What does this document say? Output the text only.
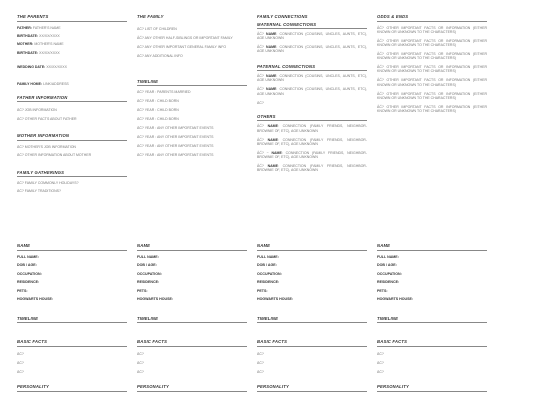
THE PARENTS
FATHER: FATHER'S NAME
BIRTHDATE: XX/XX/XXXX
MOTHER: MOTHER'S NAME
BIRTHDATE: XX/XX/XXXX
WEDDING DATE: XX/XX/XXXX
FAMILY HOME: LINK/ADDRESS
FATHER INFORMATION
ÂĆ? JOB INFORMATION
ÂĆ? OTHER FACTS ABOUT FATHER
MOTHER INFORMATION
ÂĆ? MOTHER'S JOB INFORMATION
ÂĆ? OTHER INFORMATION ABOUT MOTHER
FAMILY GATHERINGS
ÂĆ? FAMILY COMMONLY HOLIDAYS?
ÂĆ? FAMILY TRADITIONS?
THE FAMILY
ÂĆ? LIST OF CHILDREN
ÂĆ? ANY OTHER HALF-SIBLINGS OR IMPORTANT FAMILY
ÂĆ? ANY OTHER IMPORTANT GENERAL FAMILY INFO
ÂĆ? ANY ADDITIONAL INFO
TIMELINE
ÂĆ? YEAR : PARENTS MARRIED
ÂĆ? YEAR : CHILD BORN
ÂĆ? YEAR : CHILD BORN
ÂĆ? YEAR : CHILD BORN
ÂĆ? YEAR : ANY OTHER IMPORTANT EVENTS
ÂĆ? YEAR : ANY OTHER IMPORTANT EVENTS
ÂĆ? YEAR : ANY OTHER IMPORTANT EVENTS
ÂĆ? YEAR : ANY OTHER IMPORTANT EVENTS
FAMILY CONNECTIONS
MATERNAL CONNECTIONS
ÂĆ? NAME: CONNECTION (COUSINS, UNCLES, AUNTS, ETC), AGE UNKNOWN
ÂĆ? NAME: CONNECTION (COUSINS, UNCLES, AUNTS, ETC), AGE UNKNOWN
PATERNAL CONNECTIONS
ÂĆ? NAME: CONNECTION (COUSINS, UNCLES, AUNTS, ETC), AGE UNKNOWN
ÂĆ? NAME: CONNECTION (COUSINS, UNCLES, AUNTS, ETC), AGE UNKNOWN
ÂĆ?
OTHERS
ÂĆ? NAME: CONNECTION (FAMILY FRIENDS, NEIGHBOR-BROWNIE OF, ETC), AGE UNKNOWN
ÂĆ? NAME: CONNECTION (FAMILY FRIENDS, NEIGHBOR-BROWNIE OF, ETC), AGE UNKNOWN
ÂĆ? ~ NAME: CONNECTION (FAMILY FRIENDS, NEIGHBOR-BROWNIE OF, ETC), AGE UNKNOWN
ÂĆ? NAME: CONNECTION (FAMILY FRIENDS, NEIGHBOR-BROWNIE OF, ETC), AGE UNKNOWN
ODDS & ENDS
ÂĆ? OTHER IMPORTANT FACTS OR INFORMATION (EITHER KNOWN OR UNKNOWN TO THE CHARACTERS)
ÂĆ? OTHER IMPORTANT FACTS OR INFORMATION (EITHER KNOWN OR UNKNOWN TO THE CHARACTERS)
ÂĆ? OTHER IMPORTANT FACTS OR INFORMATION (EITHER KNOWN OR UNKNOWN TO THE CHARACTERS)
ÂĆ? OTHER IMPORTANT FACTS OR INFORMATION (EITHER KNOWN OR UNKNOWN TO THE CHARACTERS)
ÂĆ? OTHER IMPORTANT FACTS OR INFORMATION (EITHER KNOWN OR UNKNOWN TO THE CHARACTERS)
ÂĆ? OTHER IMPORTANT FACTS OR INFORMATION (EITHER KNOWN OR UNKNOWN TO THE CHARACTERS)
ÂĆ? OTHER IMPORTANT FACTS OR INFORMATION (EITHER KNOWN OR UNKNOWN TO THE CHARACTERS)
NAME
FULL NAME:
DOB / AGE:
OCCUPATION:
RESIDENCE:
PETS:
HOGWARTS HOUSE:
TIMELINE
BASIC FACTS
ÂĆ?
ÂĆ?
ÂĆ?
PERSONALITY
NAME
FULL NAME:
DOB / AGE:
OCCUPATION:
RESIDENCE:
PETS:
HOGWARTS HOUSE:
TIMELINE
BASIC FACTS
ÂĆ?
ÂĆ?
ÂĆ?
PERSONALITY
NAME
FULL NAME:
DOB / AGE:
OCCUPATION:
RESIDENCE:
PETS:
HOGWARTS HOUSE:
TIMELINE
BASIC FACTS
ÂĆ?
ÂĆ?
ÂĆ?
PERSONALITY
NAME
FULL NAME:
DOB / AGE:
OCCUPATION:
RESIDENCE:
PETS:
HOGWARTS HOUSE:
TIMELINE
BASIC FACTS
ÂĆ?
ÂĆ?
ÂĆ?
PERSONALITY
